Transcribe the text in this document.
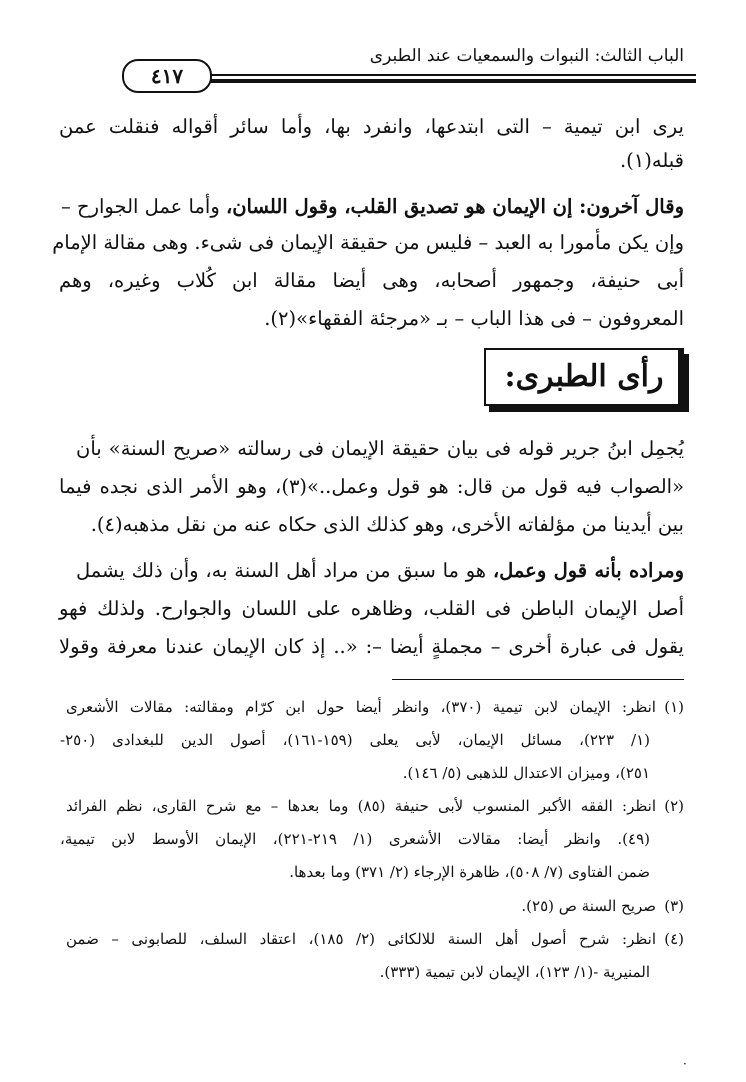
الباب الثالث: النبوات والسمعيات عند الطبرى
٤١٧
يرى ابن تيمية – التى ابتدعها، وانفرد بها، وأما سائر أقواله فنقلت عمن
قبله(١).
وقال آخرون: إن الإيمان هو تصديق القلب، وقول اللسان، وأما عمل الجوارح –
وإن يكن مأمورا به العبد – فليس من حقيقة الإيمان فى شىء. وهى مقالة الإمام
أبى حنيفة، وجمهور أصحابه، وهى أيضا مقالة ابن كُلاب وغيره، وهم
المعروفون – فى هذا الباب – بـ «مرجئة الفقهاء»(٢).
رأى الطبرى:
يُجمِل ابنُ جرير قوله فى بيان حقيقة الإيمان فى رسالته «صريح السنة» بأن
«الصواب فيه قول من قال: هو قول وعمل..»(٣)، وهو الأمر الذى نجده فيما
بين أيدينا من مؤلفاته الأخرى، وهو كذلك الذى حكاه عنه من نقل مذهبه(٤).
ومراده بأنه قول وعمل، هو ما سبق من مراد أهل السنة به، وأن ذلك يشمل
أصل الإيمان الباطن فى القلب، وظاهره على اللسان والجوارح. ولذلك فهو
يقول فى عبارة أخرى – مجملةٍ أيضا –: «.. إذ كان الإيمان عندنا معرفة وقولا
(١)انظر: الإيمان لابن تيمية (٣٧٠)، وانظر أيضا حول ابن كرّام ومقالته: مقالات الأشعرى
(١/ ٢٢٣)، مسائل الإيمان، لأبى يعلى (١٥٩-١٦١)، أصول الدين للبغدادى (٢٥٠-
٢٥١)، وميزان الاعتدال للذهبى (٥/ ١٤٦).
(٢)انظر: الفقه الأكبر المنسوب لأبى حنيفة (٨٥) وما بعدها – مع شرح القارى، نظم الفرائد
(٤٩). وانظر أيضا: مقالات الأشعرى (١/ ٢١٩-٢٢١)، الإيمان الأوسط لابن تيمية،
ضمن الفتاوى (٧/ ٥٠٨)، ظاهرة الإرجاء (٢/ ٣٧١) وما بعدها.
(٣)صريح السنة ص (٢٥).
(٤)انظر: شرح أصول أهل السنة للالكائى (٢/ ١٨٥)، اعتقاد السلف، للصابونى – ضمن
المنيرية -(١/ ١٢٣)، الإيمان لابن تيمية (٣٣٣).
·
